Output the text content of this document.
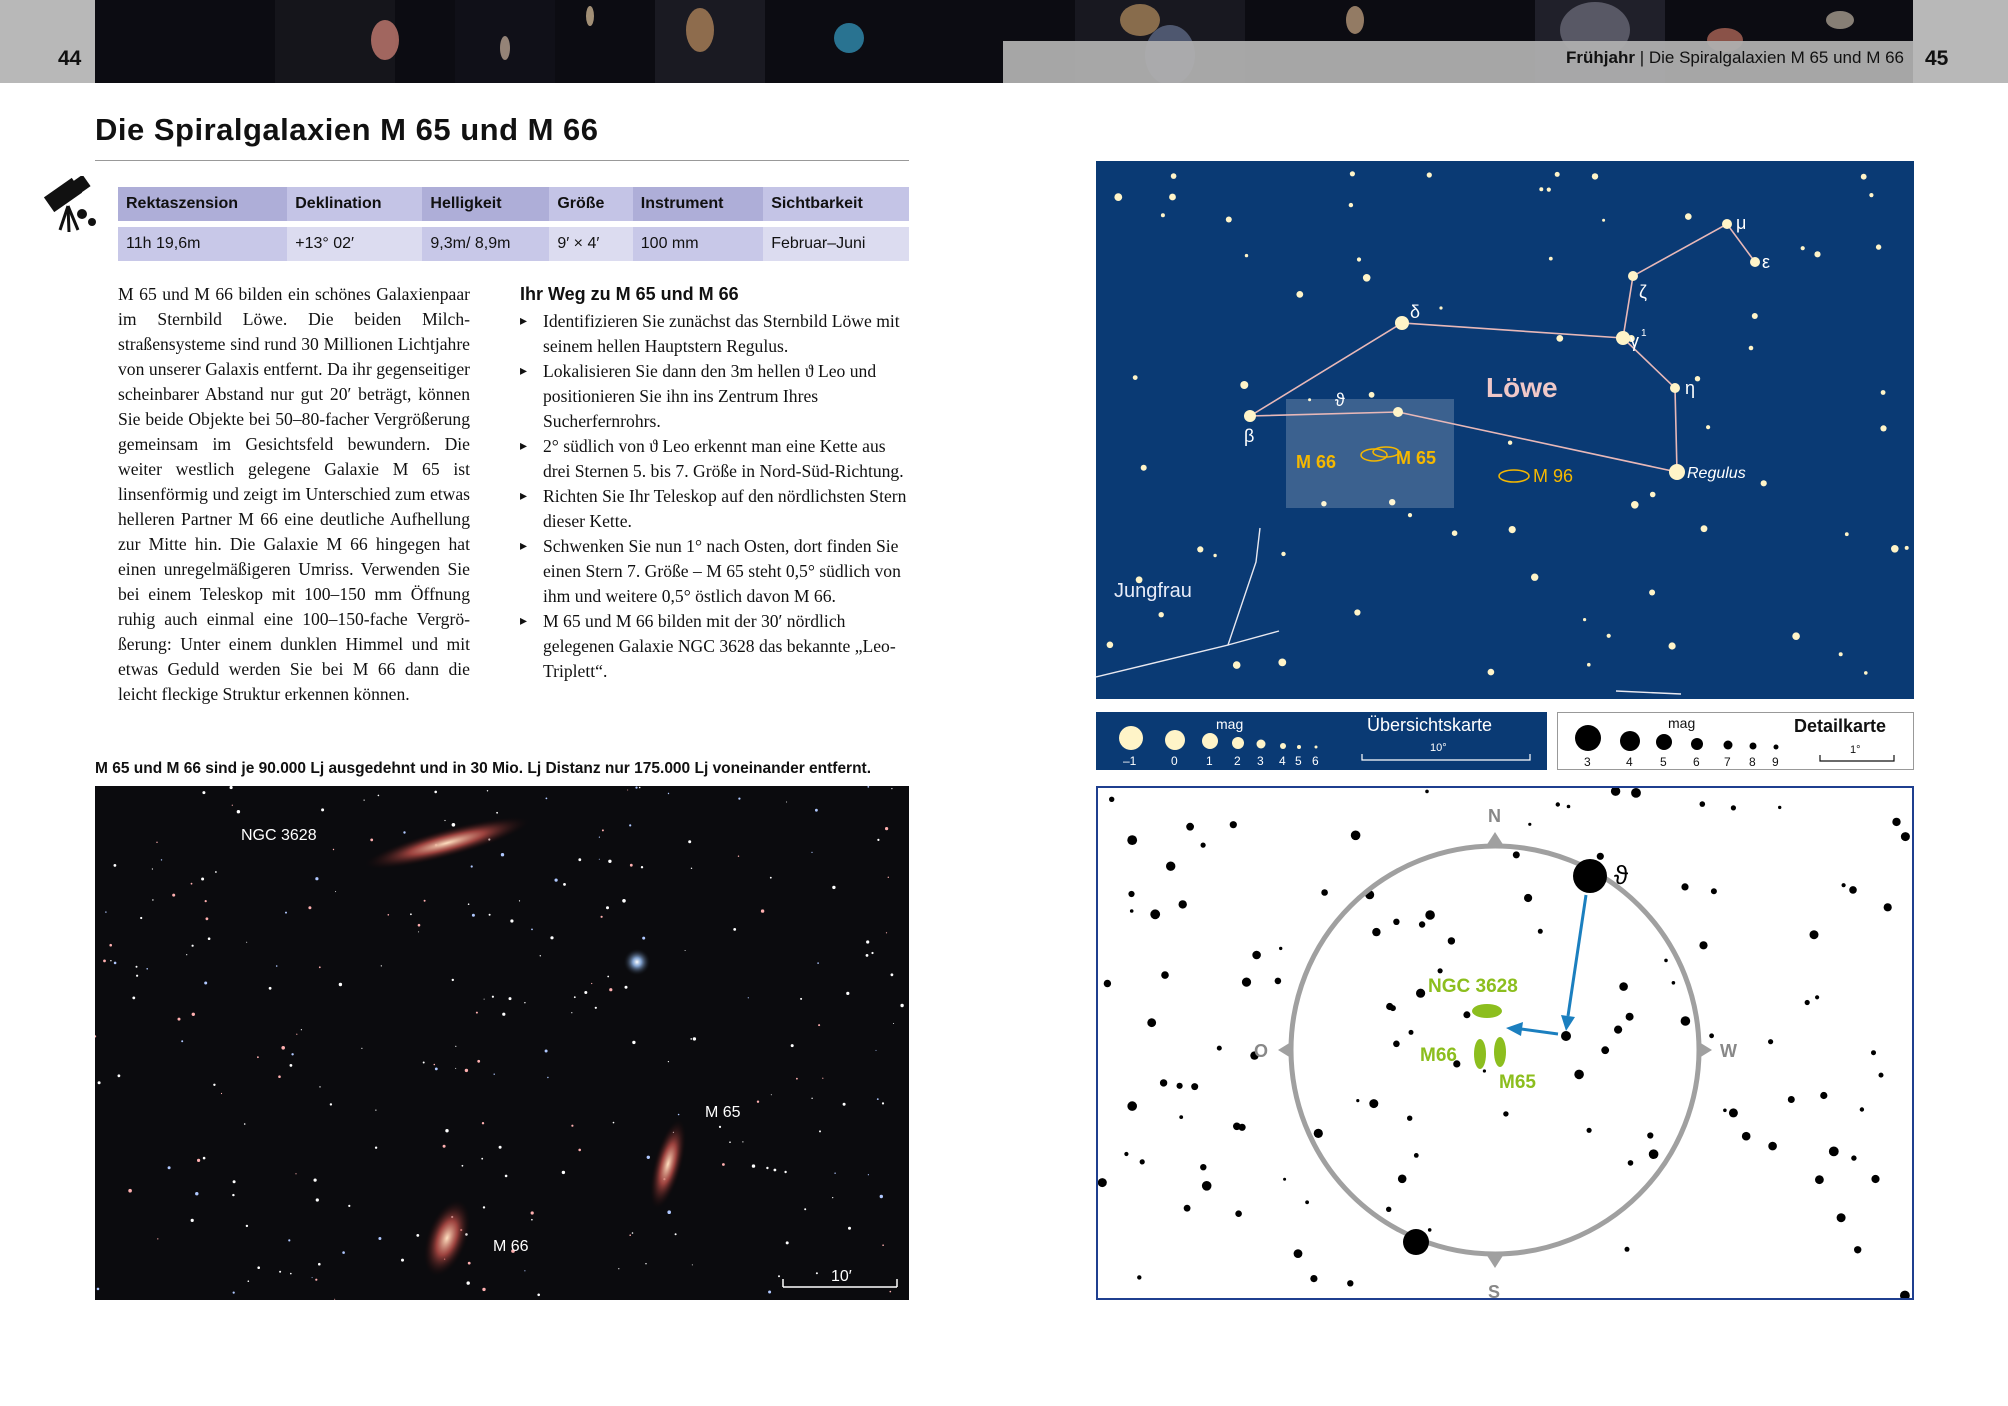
44	45
Frühjahr | Die Spiralgalaxien M 65 und M 66
Die Spiralgalaxien M 65 und M 66
Rektaszension	Deklination	Helligkeit	Größe	Instrument	Sichtbarkeit
11h 19,6m	+13° 02′	9,3m/ 8,9m	9′ × 4′	100 mm	Februar–Juni

M 65 und M 66 bilden ein schönes Galaxienpaar im Sternbild Löwe. Die beiden Milchstraßensysteme sind rund 30 Millionen Lichtjahre von unserer Galaxis entfernt. Da ihr gegenseitiger scheinbarer Abstand nur gut 20′ beträgt, können Sie beide Objekte bei 50–80-facher Vergrößerung gemeinsam im Gesichtsfeld bewundern. Die weiter westlich gelegene Galaxie M 65 ist linsenförmig und zeigt im Unterschied zum etwas helleren Partner M 66 eine deutliche Aufhellung zur Mitte hin. Die Galaxie M 66 hingegen hat einen unregelmäßigeren Umriss. Verwenden Sie bei einem Teleskop mit 100–150 mm Öffnung ruhig auch einmal eine 100–150-fache Vergrößerung: Unter einem dunklen Himmel und mit etwas Geduld werden Sie bei M 66 dann die leicht fleckige Struktur erkennen können.

Ihr Weg zu M 65 und M 66
▸ Identifizieren Sie zunächst das Sternbild Löwe mit seinem hellen Hauptstern Regulus.
▸ Lokalisieren Sie dann den 3m hellen ϑ Leo und positionieren Sie ihn ins Zentrum Ihres Sucherfernrohrs.
▸ 2° südlich von ϑ Leo erkennt man eine Kette aus drei Sternen 5. bis 7. Größe in Nord-Süd-Richtung.
▸ Richten Sie Ihr Teleskop auf den nördlichsten Stern dieser Kette.
▸ Schwenken Sie nun 1° nach Osten, dort finden Sie einen Stern 7. Größe – M 65 steht 0,5° südlich von ihm und weitere 0,5° östlich davon M 66.
▸ M 65 und M 66 bilden mit der 30′ nördlich gelegenen Galaxie NGC 3628 das bekannte „Leo-Triplett“.
M 65 und M 66 sind je 90.000 Lj ausgedehnt und in 30 Mio. Lj Distanz nur 175.000 Lj voneinander entfernt.
NGC 3628
M 65
M 66
10′
M 66	M 65
M 96
Löwe
Jungfrau
μ
ε
ζ
γ 1
δ
η
ϑ
β
Regulus
mag
–1	0 1 2 3 4 5 6
Übersichtskarte
10°
mag
3	4 5 6 7 8 9
Detailkarte
1°
N
S
O	W
ϑ
NGC 3628
M66
M65
